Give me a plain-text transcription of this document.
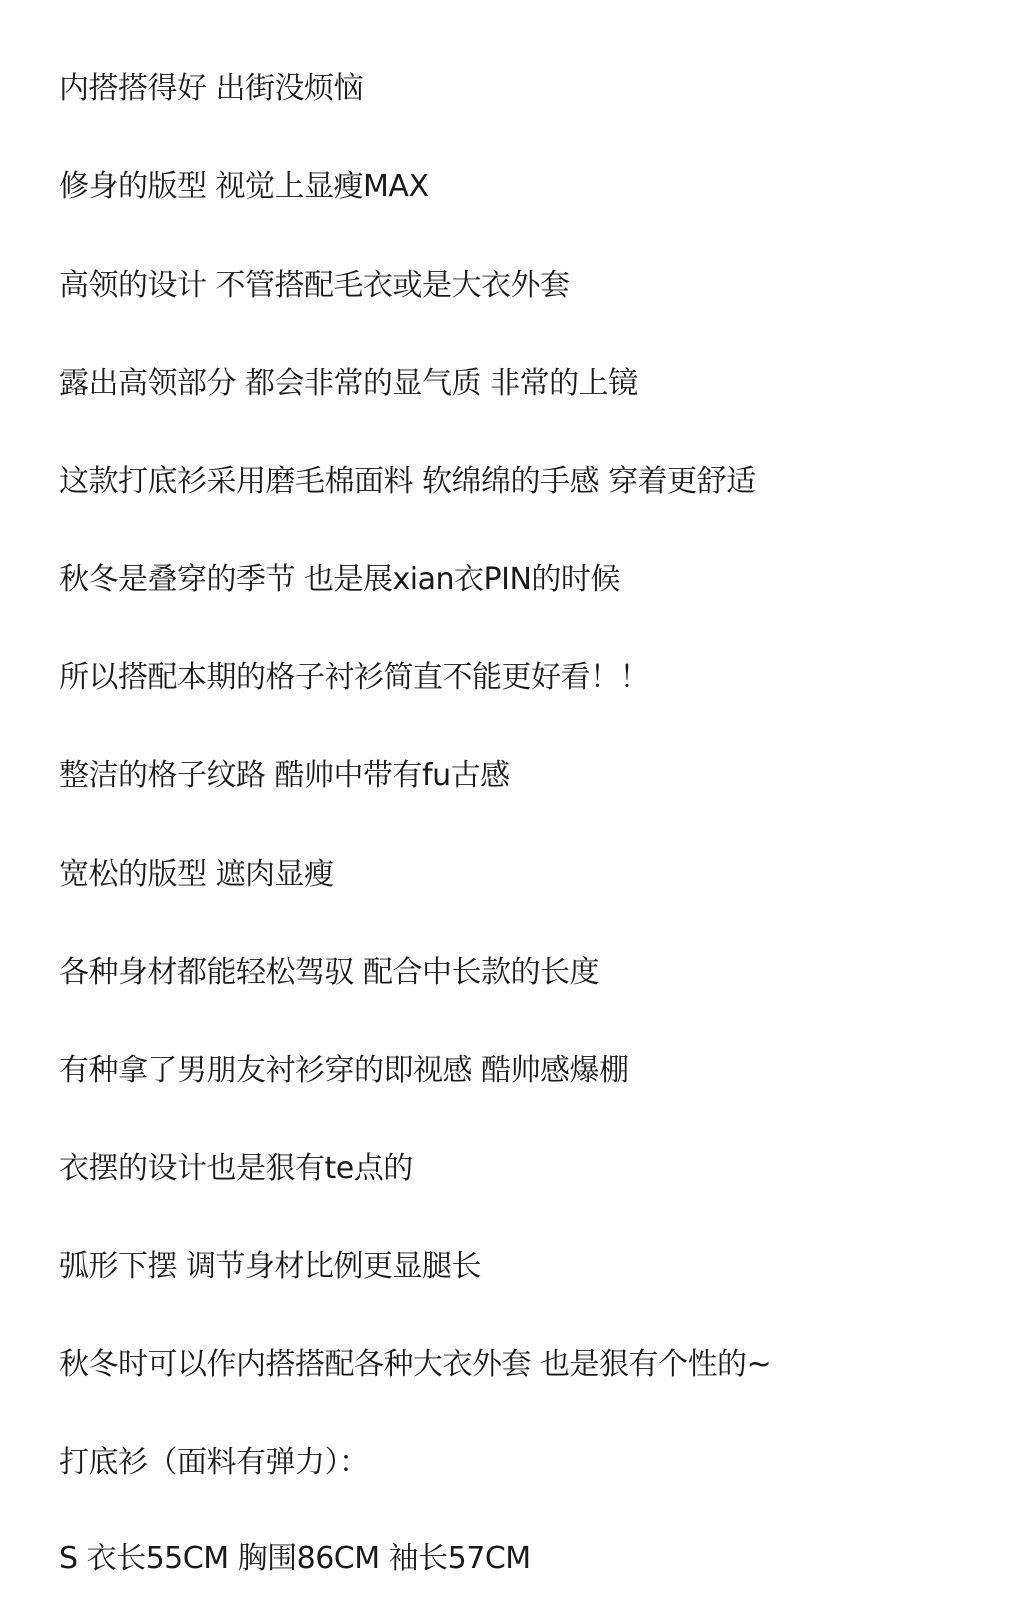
内搭搭得好 出街没烦恼
修身的版型 视觉上显瘦MAX
高领的设计 不管搭配毛衣或是大衣外套
露出高领部分 都会非常的显气质 非常的上镜
这款打底衫采用磨毛棉面料 软绵绵的手感 穿着更舒适
秋冬是叠穿的季节 也是展xian衣PIN的时候
所以搭配本期的格子衬衫简直不能更好看！！
整洁的格子纹路 酷帅中带有fu古感
宽松的版型 遮肉显瘦
各种身材都能轻松驾驭 配合中长款的长度
有种拿了男朋友衬衫穿的即视感 酷帅感爆棚
衣摆的设计也是狠有te点的
弧形下摆 调节身材比例更显腿长
秋冬时可以作内搭搭配各种大衣外套 也是狠有个性的~
打底衫（面料有弹力）：
S 衣长55CM 胸围86CM 袖长57CM
